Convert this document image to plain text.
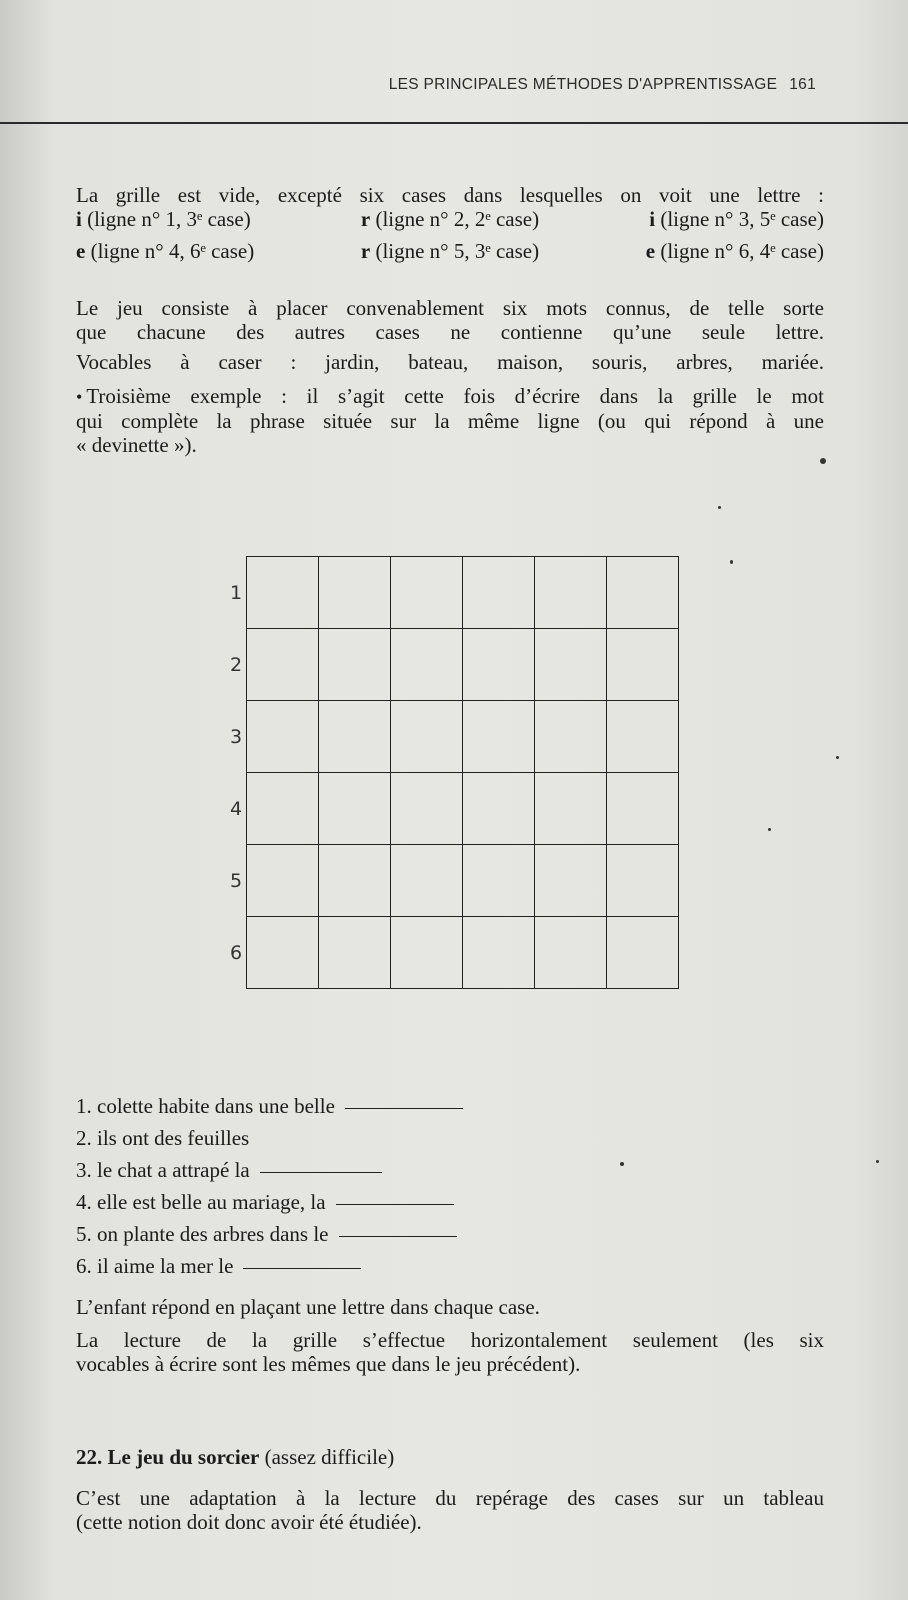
LES PRINCIPALES MÉTHODES D'APPRENTISSAGE 161
La grille est vide, excepté six cases dans lesquelles on voit une lettre :
i (ligne n° 1, 3ᵉ case)	r (ligne n° 2, 2ᵉ case)	i (ligne n° 3, 5ᵉ case)
e (ligne n° 4, 6ᵉ case)	r (ligne n° 5, 3ᵉ case)	e (ligne n° 6, 4ᵉ case)
Le jeu consiste à placer convenablement six mots connus, de telle sorte
que chacune des autres cases ne contienne qu’une seule lettre.
Vocables à caser : jardin, bateau, maison, souris, arbres, mariée.
• Troisième exemple : il s’agit cette fois d’écrire dans la grille le mot
qui complète la phrase située sur la même ligne (ou qui répond à une
« devinette »).
1
2
3
4
5
6
1. colette habite dans une belle
2. ils ont des feuilles
3. le chat a attrapé la
4. elle est belle au mariage, la
5. on plante des arbres dans le
6. il aime la mer le
L’enfant répond en plaçant une lettre dans chaque case.
La lecture de la grille s’effectue horizontalement seulement (les six
vocables à écrire sont les mêmes que dans le jeu précédent).
22. Le jeu du sorcier (assez difficile)
C’est une adaptation à la lecture du repérage des cases sur un tableau
(cette notion doit donc avoir été étudiée).
